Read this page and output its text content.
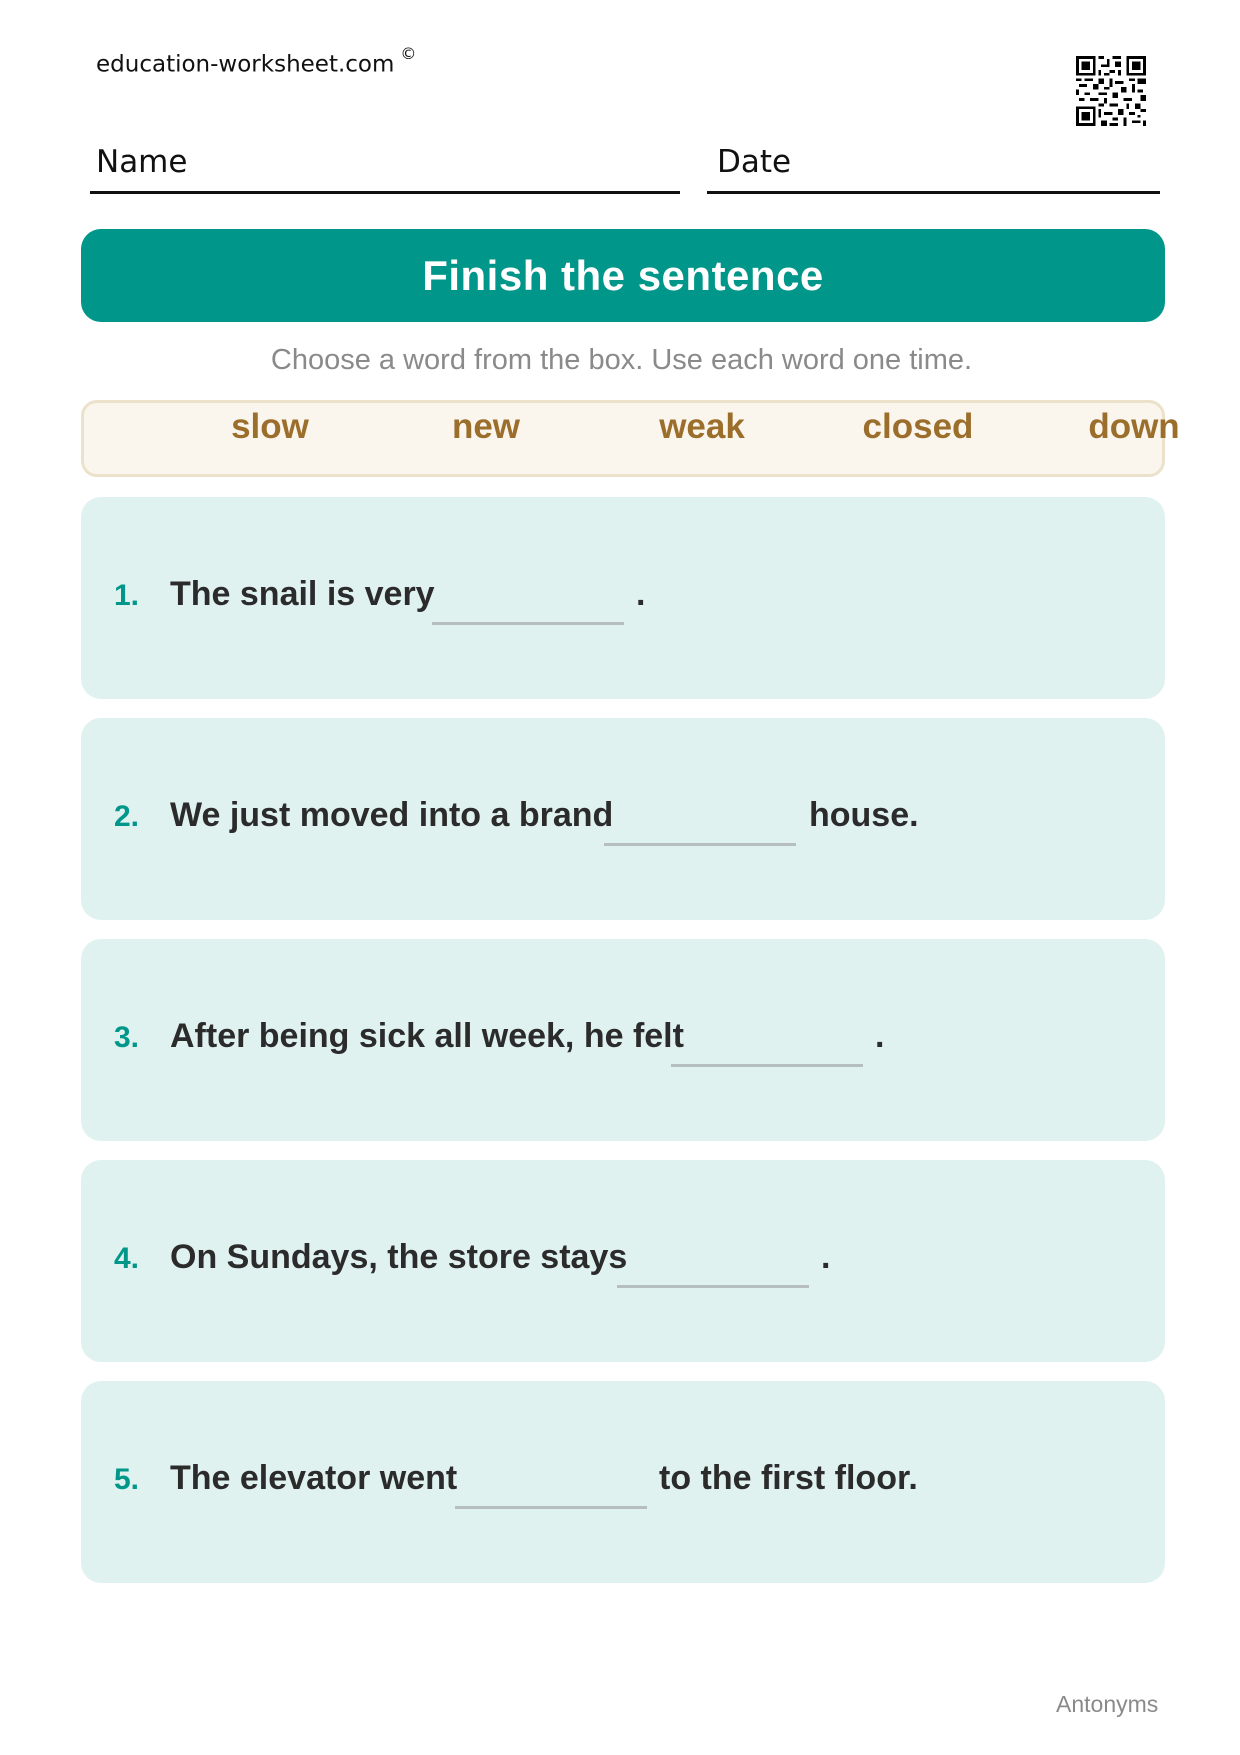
education-worksheet.com ©
Name	Date
Finish the sentence
Choose a word from the box. Use each word one time.
slow	new	weak	closed	down
1. The snail is very	.
2. We just moved into a brand	house.
3. After being sick all week, he felt	.
4. On Sundays, the store stays	.
5. The elevator went	to the first floor.
Antonyms
